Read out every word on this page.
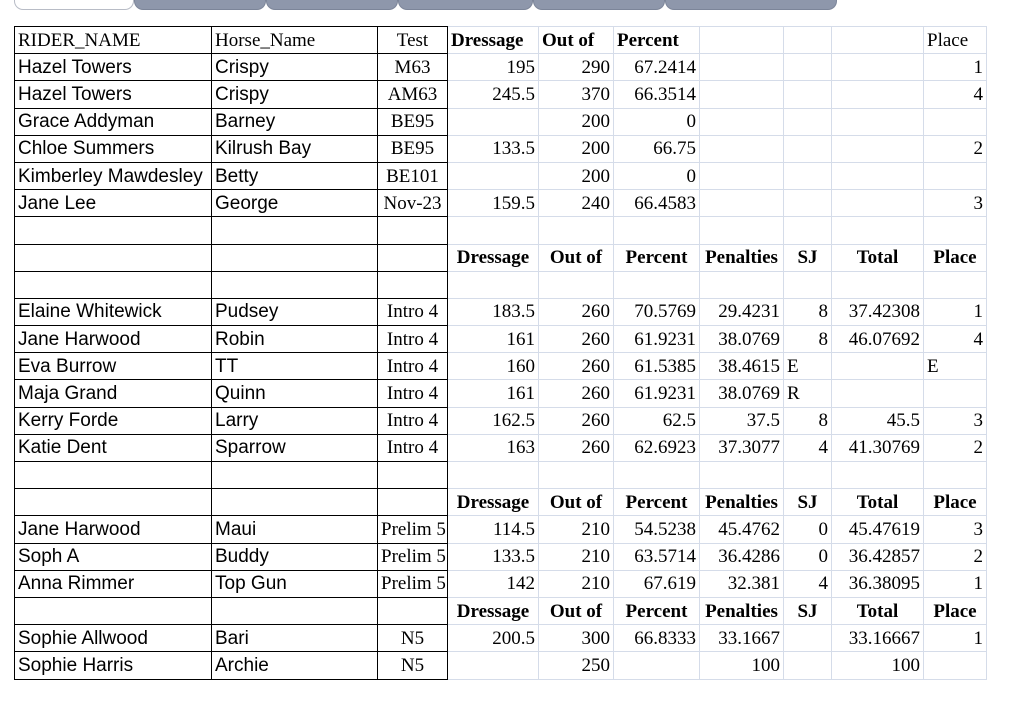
RIDER_NAME	Horse_Name	Test	Dressage	Out of	Percent				Place
Hazel Towers	Crispy	M63	195	290	67.2414				1
Hazel Towers	Crispy	AM63	245.5	370	66.3514				4
Grace Addyman	Barney	BE95		200	0				
Chloe Summers	Kilrush Bay	BE95	133.5	200	66.75				2
Kimberley Mawdesley	Betty	BE101		200	0				
Jane Lee	George	Nov-23	159.5	240	66.4583				3

			Dressage	Out of	Percent	Penalties	SJ	Total	Place

Elaine Whitewick	Pudsey	Intro 4	183.5	260	70.5769	29.4231	8	37.42308	1
Jane Harwood	Robin	Intro 4	161	260	61.9231	38.0769	8	46.07692	4
Eva Burrow	TT	Intro 4	160	260	61.5385	38.4615	E		E
Maja Grand	Quinn	Intro 4	161	260	61.9231	38.0769	R		
Kerry Forde	Larry	Intro 4	162.5	260	62.5	37.5	8	45.5	3
Katie Dent	Sparrow	Intro 4	163	260	62.6923	37.3077	4	41.30769	2

			Dressage	Out of	Percent	Penalties	SJ	Total	Place
Jane Harwood	Maui	Prelim 5	114.5	210	54.5238	45.4762	0	45.47619	3
Soph A	Buddy	Prelim 5	133.5	210	63.5714	36.4286	0	36.42857	2
Anna Rimmer	Top Gun	Prelim 5	142	210	67.619	32.381	4	36.38095	1
			Dressage	Out of	Percent	Penalties	SJ	Total	Place
Sophie Allwood	Bari	N5	200.5	300	66.8333	33.1667		33.16667	1
Sophie Harris	Archie	N5		250		100		100	
